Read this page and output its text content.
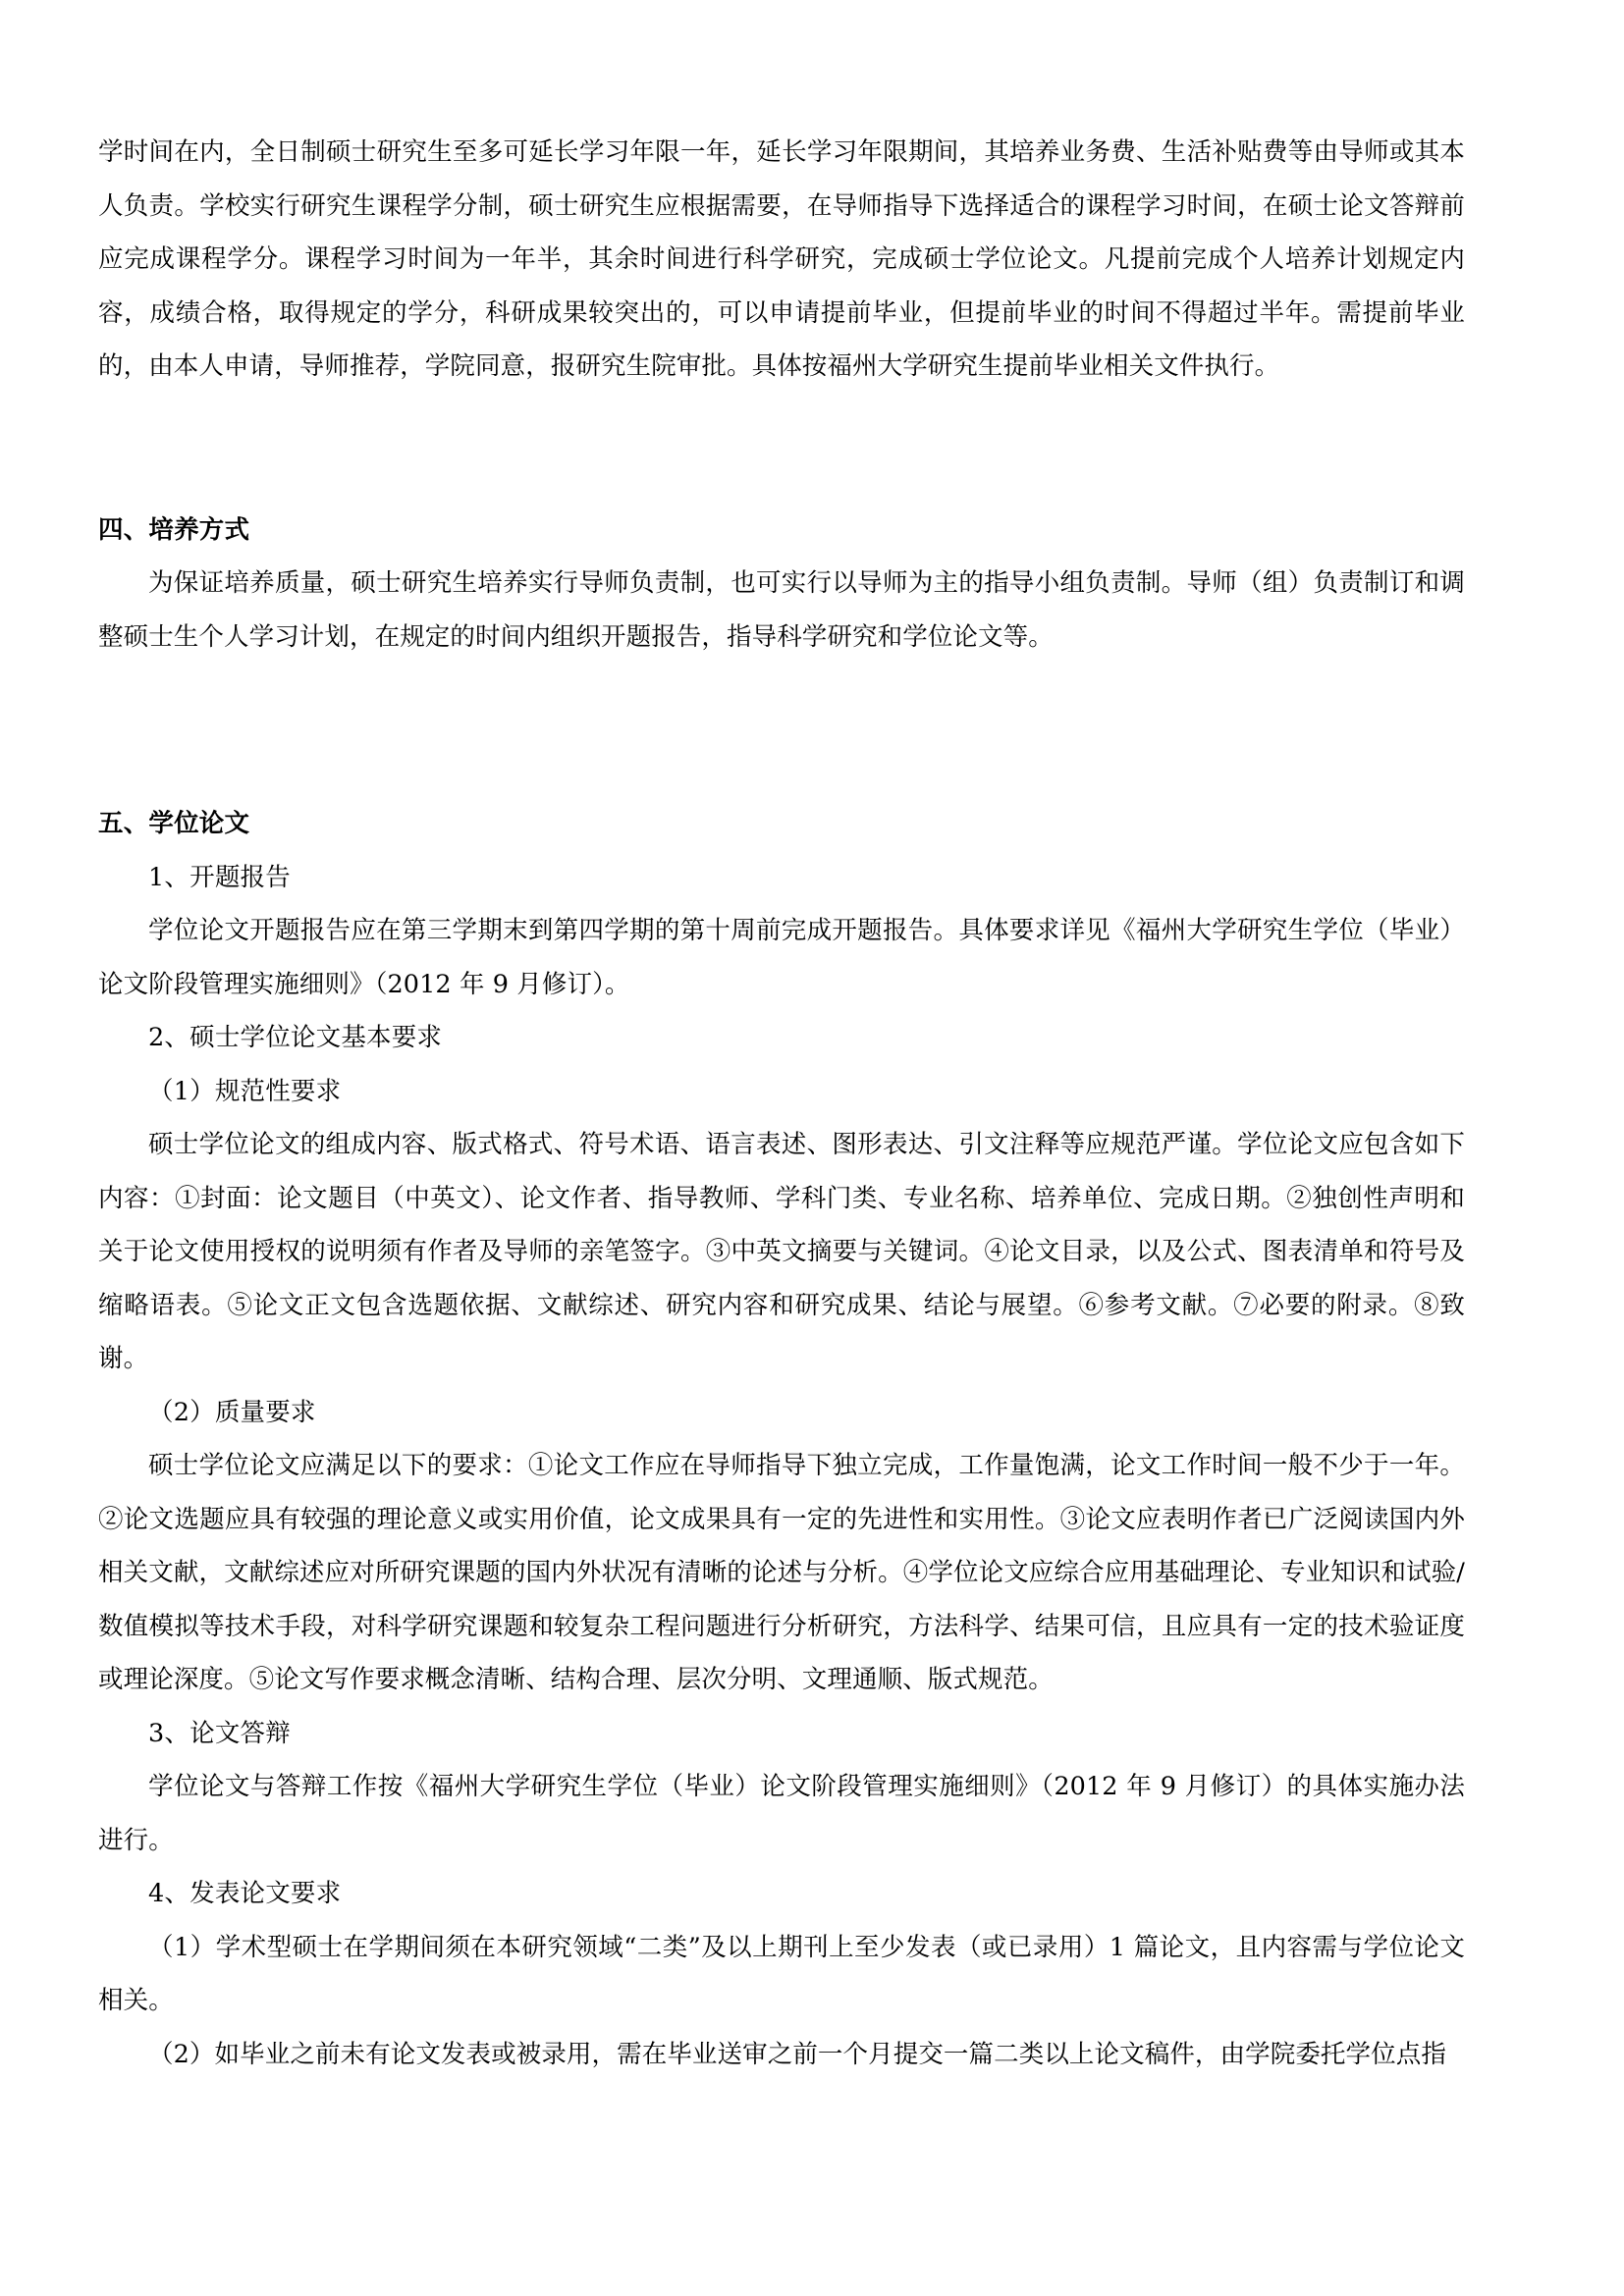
学时间在内，全日制硕士研究生至多可延长学习年限一年，延长学习年限期间，其培养业务费、生活补贴费等由导师或其本人负责。学校实行研究生课程学分制，硕士研究生应根据需要，在导师指导下选择适合的课程学习时间，在硕士论文答辩前应完成课程学分。课程学习时间为一年半，其余时间进行科学研究，完成硕士学位论文。凡提前完成个人培养计划规定内容，成绩合格，取得规定的学分，科研成果较突出的，可以申请提前毕业，但提前毕业的时间不得超过半年。需提前毕业的，由本人申请，导师推荐，学院同意，报研究生院审批。具体按福州大学研究生提前毕业相关文件执行。

四、培养方式

为保证培养质量，硕士研究生培养实行导师负责制，也可实行以导师为主的指导小组负责制。导师（组）负责制订和调整硕士生个人学习计划，在规定的时间内组织开题报告，指导科学研究和学位论文等。

五、学位论文

1、开题报告

学位论文开题报告应在第三学期末到第四学期的第十周前完成开题报告。具体要求详见《福州大学研究生学位（毕业）论文阶段管理实施细则》（2012 年 9 月修订）。

2、硕士学位论文基本要求

（1）规范性要求

硕士学位论文的组成内容、版式格式、符号术语、语言表述、图形表达、引文注释等应规范严谨。学位论文应包含如下内容：①封面：论文题目（中英文）、论文作者、指导教师、学科门类、专业名称、培养单位、完成日期。②独创性声明和关于论文使用授权的说明须有作者及导师的亲笔签字。③中英文摘要与关键词。④论文目录，以及公式、图表清单和符号及缩略语表。⑤论文正文包含选题依据、文献综述、研究内容和研究成果、结论与展望。⑥参考文献。⑦必要的附录。⑧致谢。

（2）质量要求

硕士学位论文应满足以下的要求：①论文工作应在导师指导下独立完成，工作量饱满，论文工作时间一般不少于一年。②论文选题应具有较强的理论意义或实用价值，论文成果具有一定的先进性和实用性。③论文应表明作者已广泛阅读国内外相关文献，文献综述应对所研究课题的国内外状况有清晰的论述与分析。④学位论文应综合应用基础理论、专业知识和试验/数值模拟等技术手段，对科学研究课题和较复杂工程问题进行分析研究，方法科学、结果可信，且应具有一定的技术验证度或理论深度。⑤论文写作要求概念清晰、结构合理、层次分明、文理通顺、版式规范。

3、论文答辩

学位论文与答辩工作按《福州大学研究生学位（毕业）论文阶段管理实施细则》（2012 年 9 月修订）的具体实施办法进行。

4、发表论文要求

（1）学术型硕士在学期间须在本研究领域“二类”及以上期刊上至少发表（或已录用）1 篇论文，且内容需与学位论文相关。

（2）如毕业之前未有论文发表或被录用，需在毕业送审之前一个月提交一篇二类以上论文稿件，由学院委托学位点指
